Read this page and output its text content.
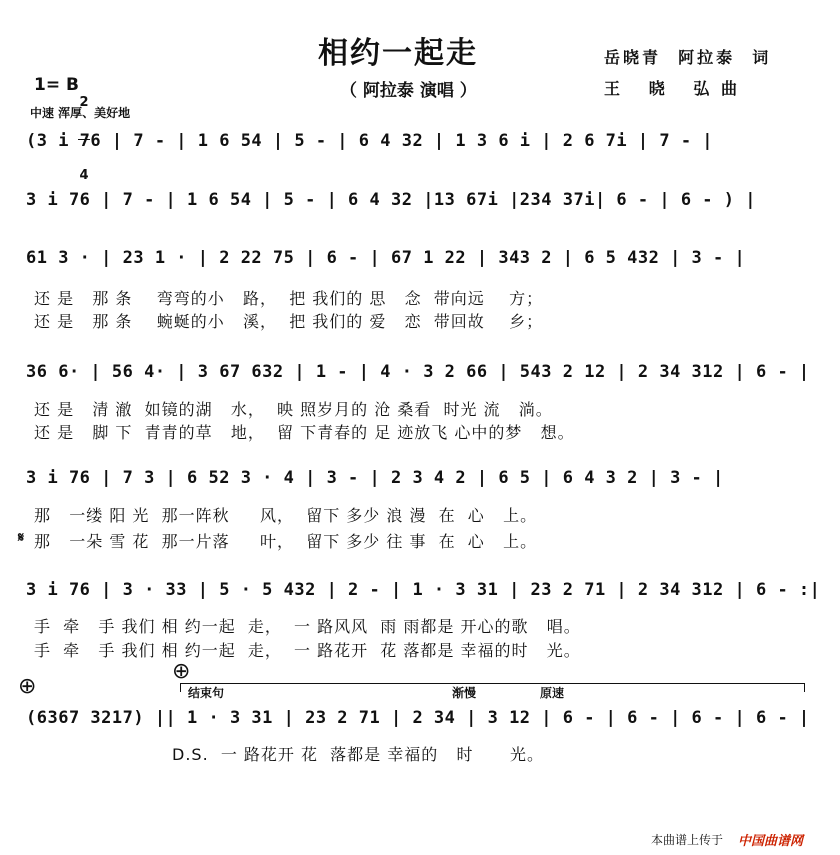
相约一起走
（ 阿拉泰 演唱 ）
岳晓青  阿拉泰  词
王   晓   弘 曲
1= B

2

4

中速 浑厚、美好地
(3 i 76 | 7 - | 1 6 54 | 5 - | 6 4 32 | 1 3 6 i | 2 6 7i | 7 - |
3 i 76 | 7 - | 1 6 54 | 5 - | 6 4 32 |13 67i |234 37i| 6 - | 6 - ) |
61 3 · | 23 1 · | 2 22 75 | 6 - | 67 1 22 | 343 2 | 6 5 432 | 3 - |
还 是   那 条    弯弯的小   路，  把 我们的 思   念  带向远    方；
还 是   那 条    蜿蜒的小   溪，  把 我们的 爱   恋  带回故    乡；
36 6· | 56 4· | 3 67 632 | 1 - | 4 · 3 2 66 | 543 2 12 | 2 34 312 | 6 - |
还 是   清 澈  如镜的湖   水，  映 照岁月的 沧 桑看  时光 流   淌。
还 是   脚 下  青青的草   地，  留 下青春的 足 迹放飞 心中的梦   想。
3 i 76 | 7 3 | 6 52 3 · 4 | 3 - | 2 3 4 2 | 6 5 | 6 4 3 2 | 3 - |
那   一缕 阳 光  那一阵秋     风，  留下 多少 浪 漫  在  心   上。
𝄋 那   一朵 雪 花  那一片落     叶，  留下 多少 往 事  在  心   上。
3 i 76 | 3 · 33 | 5 · 5 432 | 2 - | 1 · 3 31 | 23 2 71 | 2 34 312 | 6 - :|
手  牵   手 我们 相 约一起  走，  一 路风风  雨 雨都是 开心的歌   唱。
手  牵   手 我们 相 约一起  走，  一 路花开  花 落都是 幸福的时   光。
⊕
⊕	结束句	渐慢	原速
(6367 3217) || 1 · 3 31 | 23 2 71 | 2 34 | 3 12 | 6 - | 6 - | 6 - | 6 - |
D.S.  一 路花开 花  落都是 幸福的   时      光。
本曲谱上传于 中国曲谱网
